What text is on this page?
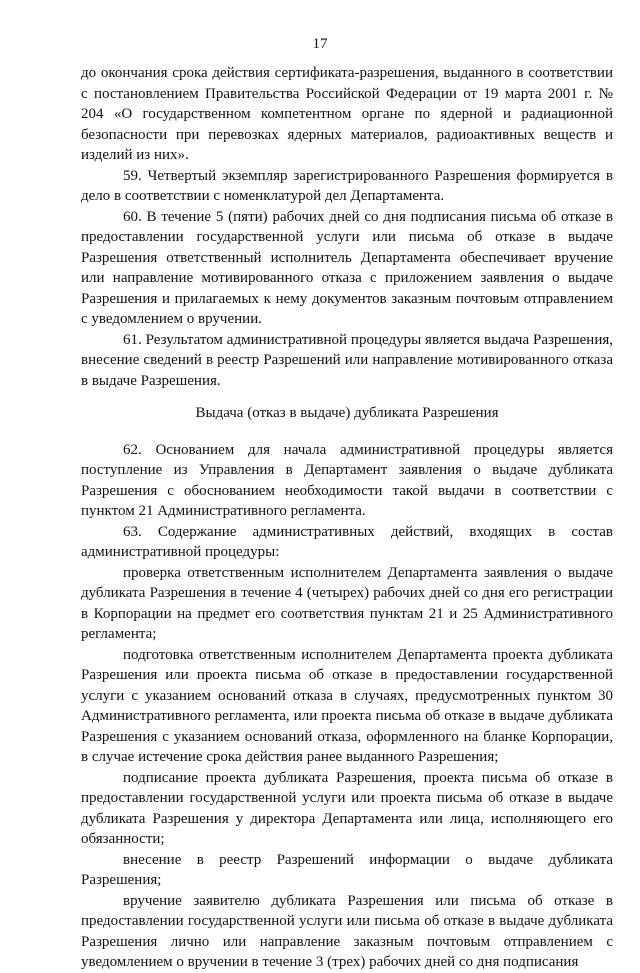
17

до окончания срока действия сертификата-разрешения, выданного в соответствии с постановлением Правительства Российской Федерации от 19 марта 2001 г. № 204 «О государственном компетентном органе по ядерной и радиационной безопасности при перевозках ядерных материалов, радиоактивных веществ и изделий из них».

59. Четвертый экземпляр зарегистрированного Разрешения формируется в дело в соответствии с номенклатурой дел Департамента.

60. В течение 5 (пяти) рабочих дней со дня подписания письма об отказе в предоставлении государственной услуги или письма об отказе в выдаче Разрешения ответственный исполнитель Департамента обеспечивает вручение или направление мотивированного отказа с приложением заявления о выдаче Разрешения и прилагаемых к нему документов заказным почтовым отправлением с уведомлением о вручении.

61. Результатом административной процедуры является выдача Разрешения, внесение сведений в реестр Разрешений или направление мотивированного отказа в выдаче Разрешения.

Выдача (отказ в выдаче) дубликата Разрешения

62. Основанием для начала административной процедуры является поступление из Управления в Департамент заявления о выдаче дубликата Разрешения с обоснованием необходимости такой выдачи в соответствии с пунктом 21 Административного регламента.

63. Содержание административных действий, входящих в состав административной процедуры:

проверка ответственным исполнителем Департамента заявления о выдаче дубликата Разрешения в течение 4 (четырех) рабочих дней со дня его регистрации в Корпорации на предмет его соответствия пунктам 21 и 25 Административного регламента;

подготовка ответственным исполнителем Департамента проекта дубликата Разрешения или проекта письма об отказе в предоставлении государственной услуги с указанием оснований отказа в случаях, предусмотренных пунктом 30 Административного регламента, или проекта письма об отказе в выдаче дубликата Разрешения с указанием оснований отказа, оформленного на бланке Корпорации, в случае истечение срока действия ранее выданного Разрешения;

подписание проекта дубликата Разрешения, проекта письма об отказе в предоставлении государственной услуги или проекта письма об отказе в выдаче дубликата Разрешения у директора Департамента или лица, исполняющего его обязанности;

внесение в реестр Разрешений информации о выдаче дубликата Разрешения;

вручение заявителю дубликата Разрешения или письма об отказе в предоставлении государственной услуги или письма об отказе в выдаче дубликата Разрешения лично или направление заказным почтовым отправлением с уведомлением о вручении в течение 3 (трех) рабочих дней со дня подписания
